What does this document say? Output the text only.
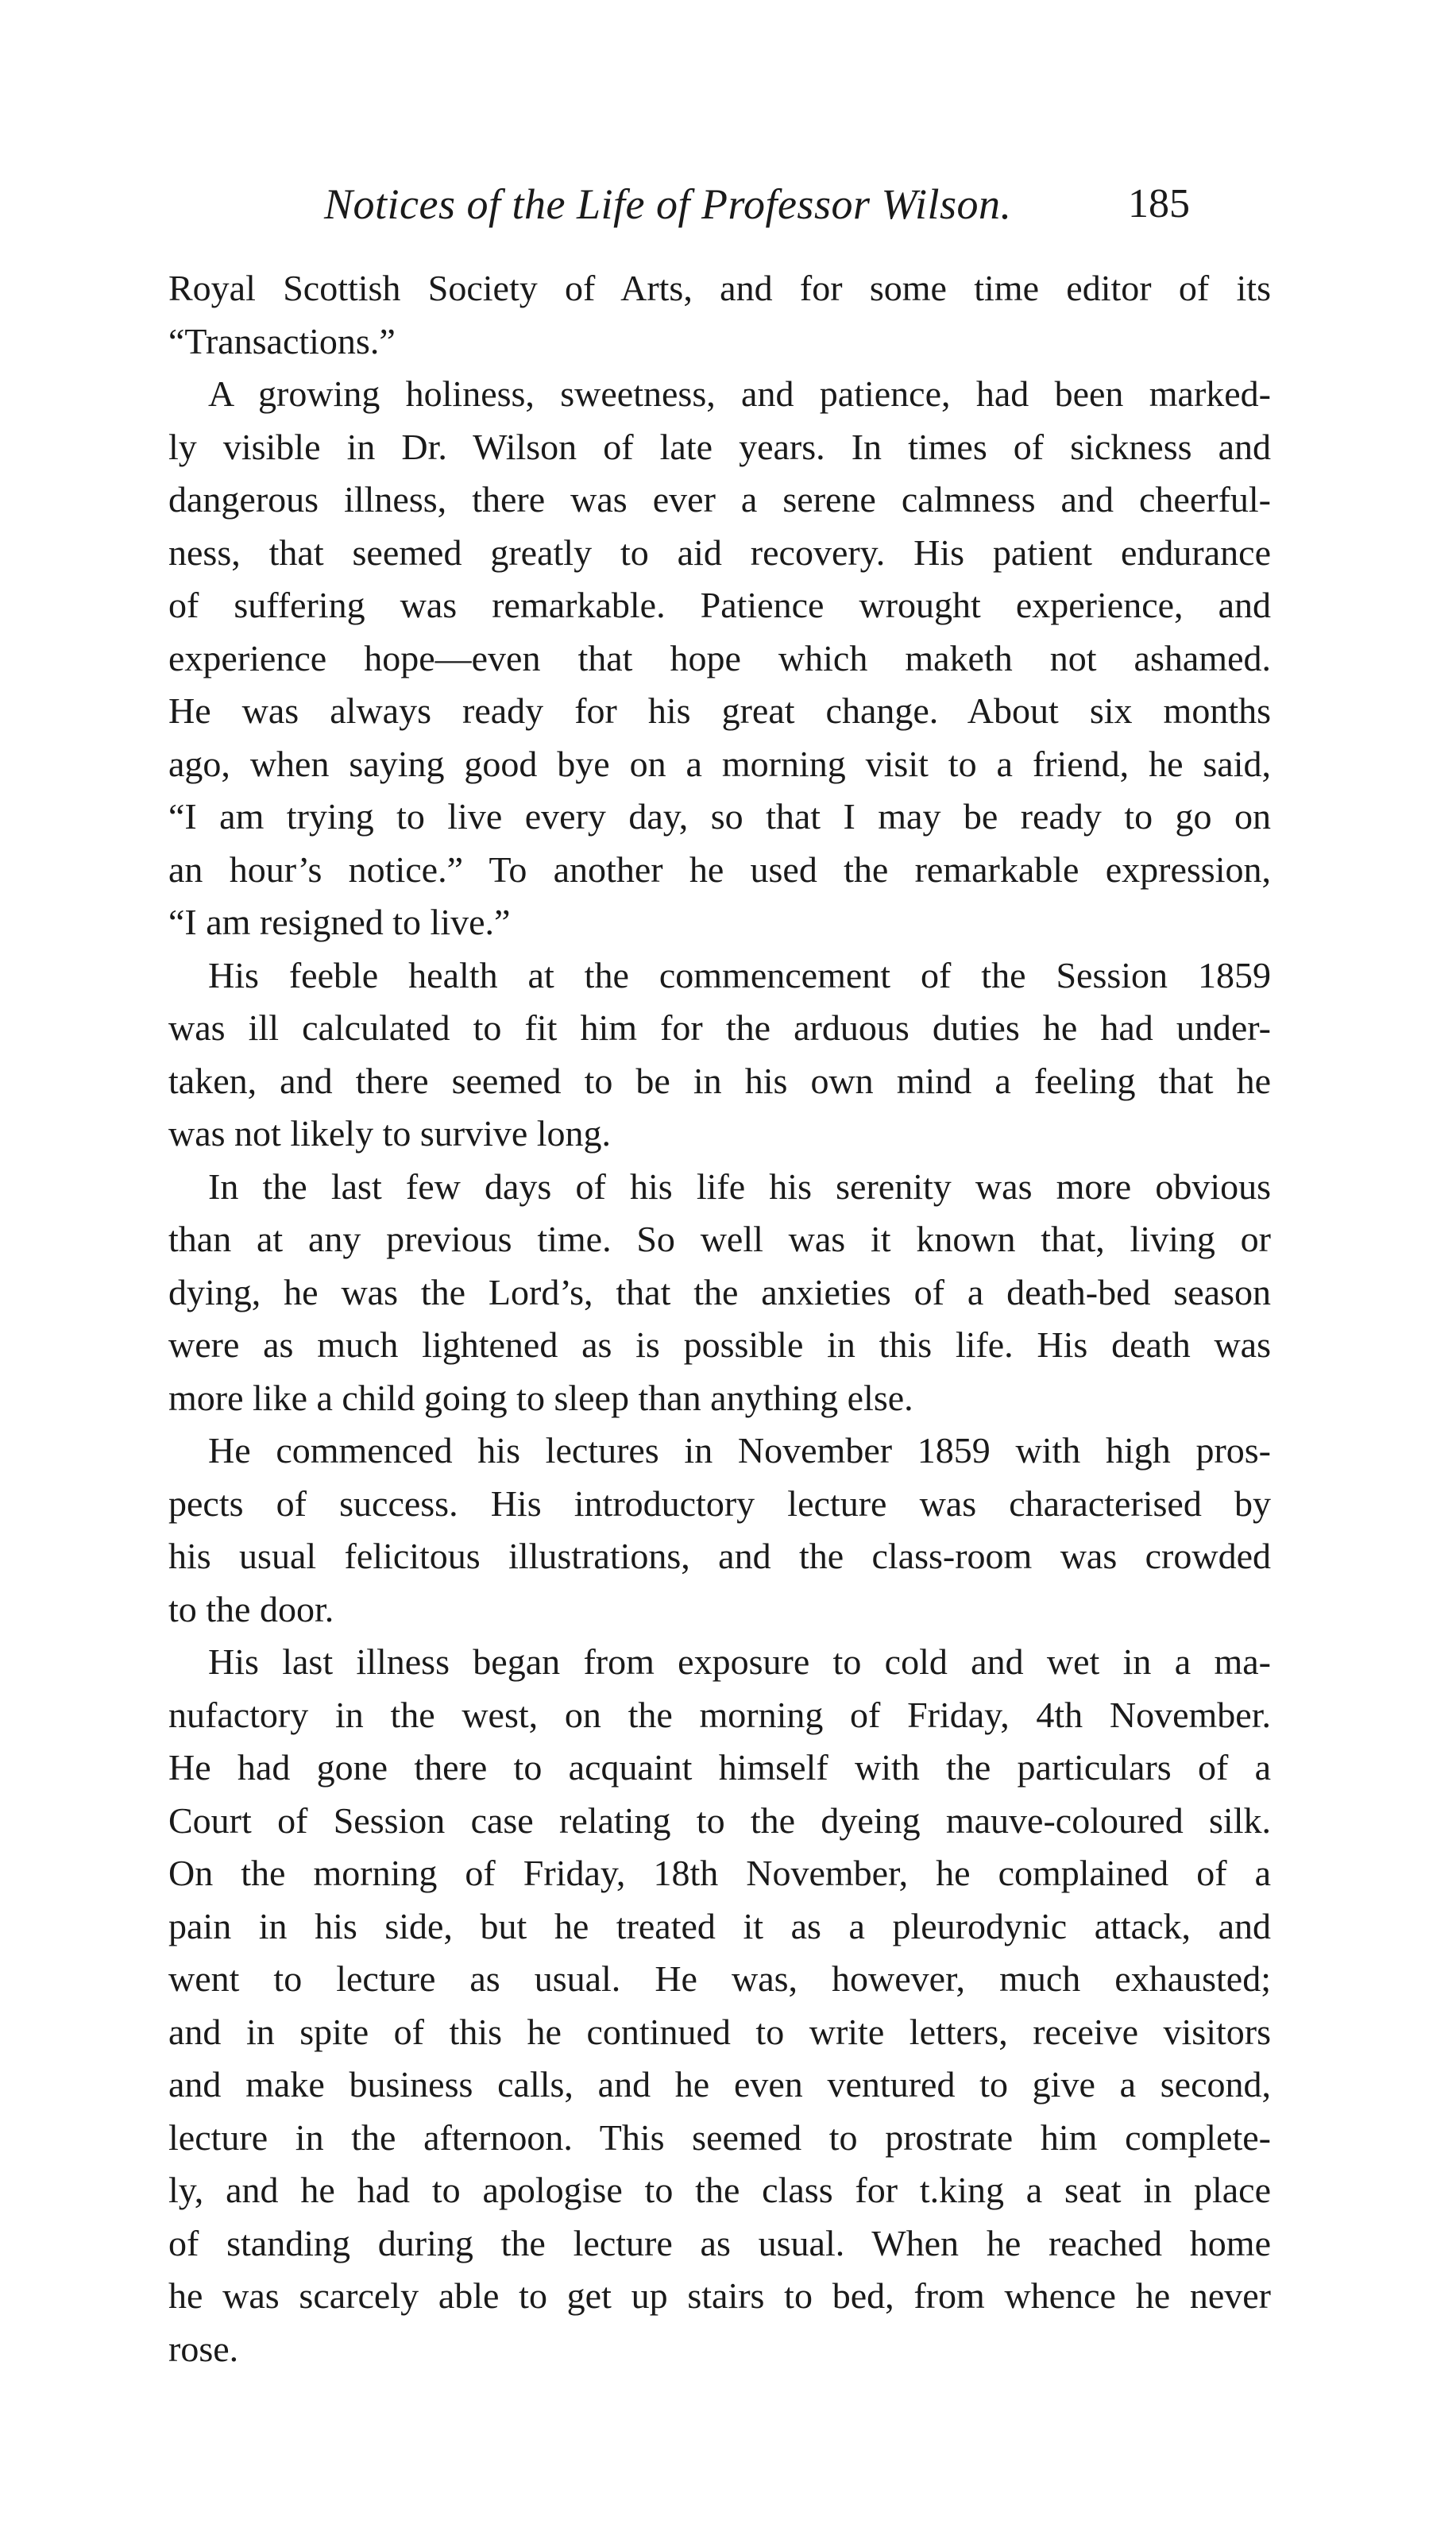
Notices of the Life of Professor Wilson.	185

Royal Scottish Society of Arts, and for some time editor of its
“Transactions.”

A growing holiness, sweetness, and patience, had been marked-
ly visible in Dr. Wilson of late years. In times of sickness and
dangerous illness, there was ever a serene calmness and cheerful-
ness, that seemed greatly to aid recovery. His patient endurance
of suffering was remarkable. Patience wrought experience, and
experience hope—even that hope which maketh not ashamed.
He was always ready for his great change. About six months
ago, when saying good bye on a morning visit to a friend, he said,
“I am trying to live every day, so that I may be ready to go on
an hour’s notice.” To another he used the remarkable expression,
“I am resigned to live.”

His feeble health at the commencement of the Session 1859
was ill calculated to fit him for the arduous duties he had under-
taken, and there seemed to be in his own mind a feeling that he
was not likely to survive long.

In the last few days of his life his serenity was more obvious
than at any previous time. So well was it known that, living or
dying, he was the Lord’s, that the anxieties of a death-bed season
were as much lightened as is possible in this life. His death was
more like a child going to sleep than anything else.

He commenced his lectures in November 1859 with high pros-
pects of success. His introductory lecture was characterised by
his usual felicitous illustrations, and the class-room was crowded
to the door.

His last illness began from exposure to cold and wet in a ma-
nufactory in the west, on the morning of Friday, 4th November.
He had gone there to acquaint himself with the particulars of a
Court of Session case relating to the dyeing mauve-coloured silk.
On the morning of Friday, 18th November, he complained of a
pain in his side, but he treated it as a pleurodynic attack, and
went to lecture as usual. He was, however, much exhausted;
and in spite of this he continued to write letters, receive visitors
and make business calls, and he even ventured to give a second,
lecture in the afternoon. This seemed to prostrate him complete-
ly, and he had to apologise to the class for t.king a seat in place
of standing during the lecture as usual. When he reached home
he was scarcely able to get up stairs to bed, from whence he never
rose.
